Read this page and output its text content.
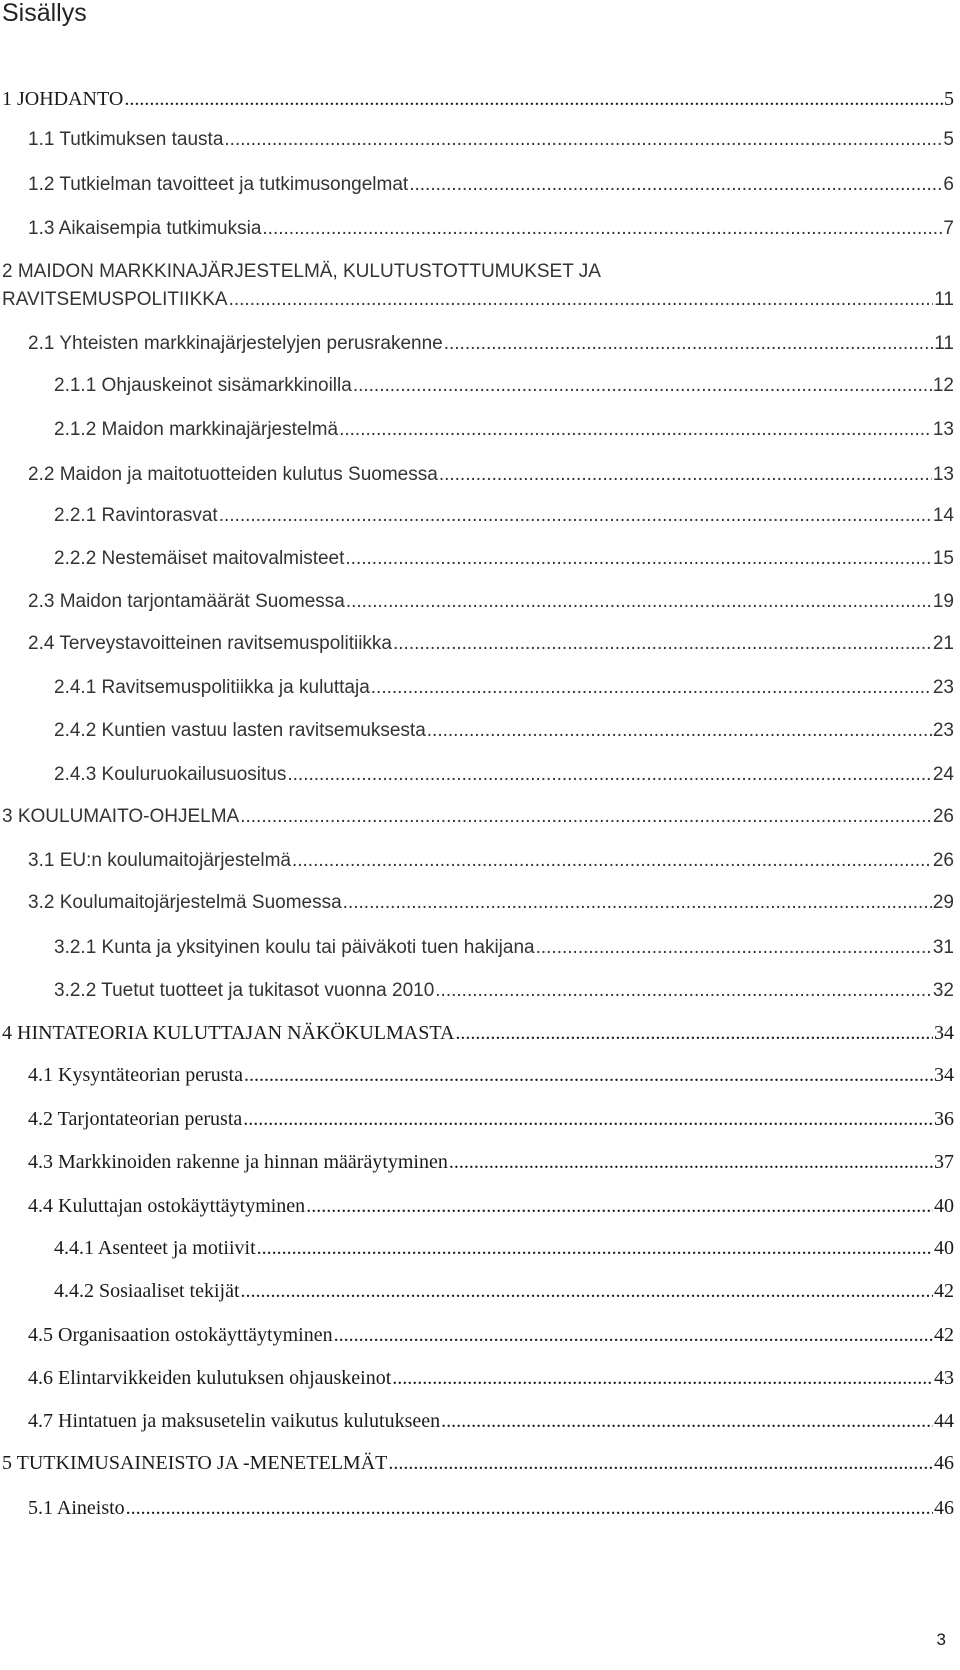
Sisällys
1 JOHDANTO .....	5
1.1 Tutkimuksen tausta .....	5
1.2 Tutkielman tavoitteet ja tutkimusongelmat .....	6
1.3 Aikaisempia tutkimuksia .....	7
2 MAIDON MARKKINAJÄRJESTELMÄ, KULUTUSTOTTUMUKSET JA
RAVITSEMUSPOLITIIKKA .....	11
2.1 Yhteisten markkinajärjestelyjen perusrakenne .....	11
2.1.1 Ohjauskeinot sisämarkkinoilla .....	12
2.1.2 Maidon markkinajärjestelmä .....	13
2.2 Maidon ja maitotuotteiden kulutus Suomessa .....	13
2.2.1 Ravintorasvat .....	14
2.2.2 Nestemäiset maitovalmisteet .....	15
2.3 Maidon tarjontamäärät Suomessa .....	19
2.4 Terveystavoitteinen ravitsemuspolitiikka .....	21
2.4.1 Ravitsemuspolitiikka ja kuluttaja .....	23
2.4.2 Kuntien vastuu lasten ravitsemuksesta .....	23
2.4.3 Kouluruokailusuositus .....	24
3 KOULUMAITO-OHJELMA .....	26
3.1 EU:n koulumaitojärjestelmä .....	26
3.2 Koulumaitojärjestelmä Suomessa .....	29
3.2.1 Kunta ja yksityinen koulu tai päiväkoti tuen hakijana .....	31
3.2.2 Tuetut tuotteet ja tukitasot vuonna 2010 .....	32
4 HINTATEORIA KULUTTAJAN NÄKÖKULMASTA .....	34
4.1 Kysyntäteorian perusta .....	34
4.2 Tarjontateorian perusta .....	36
4.3 Markkinoiden rakenne ja hinnan määräytyminen .....	37
4.4 Kuluttajan ostokäyttäytyminen .....	40
4.4.1 Asenteet ja motiivit .....	40
4.4.2 Sosiaaliset tekijät .....	42
4.5 Organisaation ostokäyttäytyminen .....	42
4.6 Elintarvikkeiden kulutuksen ohjauskeinot .....	43
4.7 Hintatuen ja maksusetelin vaikutus kulutukseen .....	44
5 TUTKIMUSAINEISTO JA -MENETELMÄT .....	46
5.1 Aineisto .....	46
3
